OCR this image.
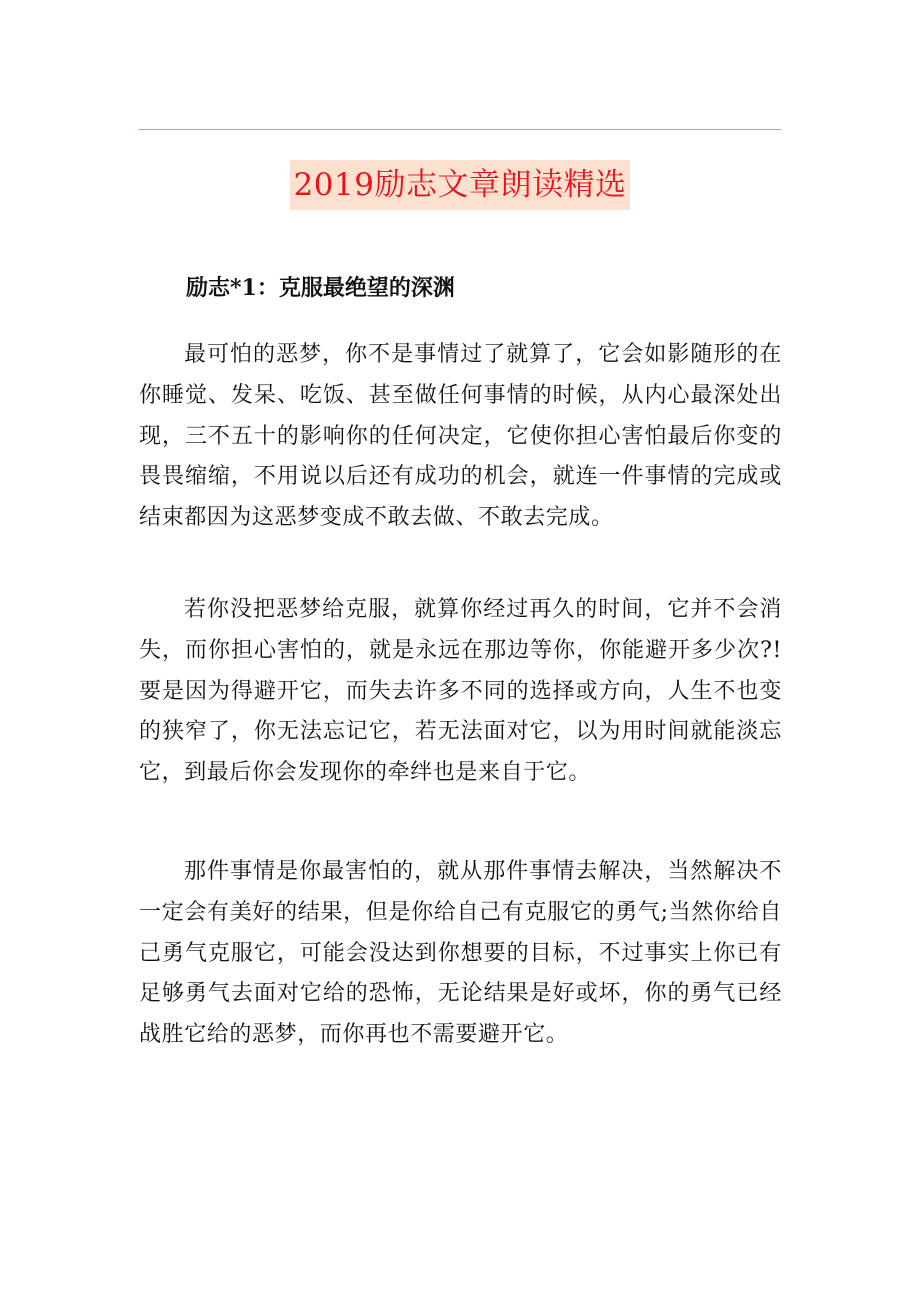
2019励志文章朗读精选
励志*1：克服最绝望的深渊

最可怕的恶梦，你不是事情过了就算了，它会如影随形的在你睡觉、发呆、吃饭、甚至做任何事情的时候，从内心最深处出现，三不五十的影响你的任何决定，它使你担心害怕最后你变的畏畏缩缩，不用说以后还有成功的机会，就连一件事情的完成或结束都因为这恶梦变成不敢去做、不敢去完成。

若你没把恶梦给克服，就算你经过再久的时间，它并不会消失，而你担心害怕的，就是永远在那边等你，你能避开多少次?!要是因为得避开它，而失去许多不同的选择或方向，人生不也变的狭窄了，你无法忘记它，若无法面对它，以为用时间就能淡忘它，到最后你会发现你的牵绊也是来自于它。

那件事情是你最害怕的，就从那件事情去解决，当然解决不一定会有美好的结果，但是你给自己有克服它的勇气;当然你给自己勇气克服它，可能会没达到你想要的目标，不过事实上你已有足够勇气去面对它给的恐怖，无论结果是好或坏，你的勇气已经战胜它给的恶梦，而你再也不需要避开它。
